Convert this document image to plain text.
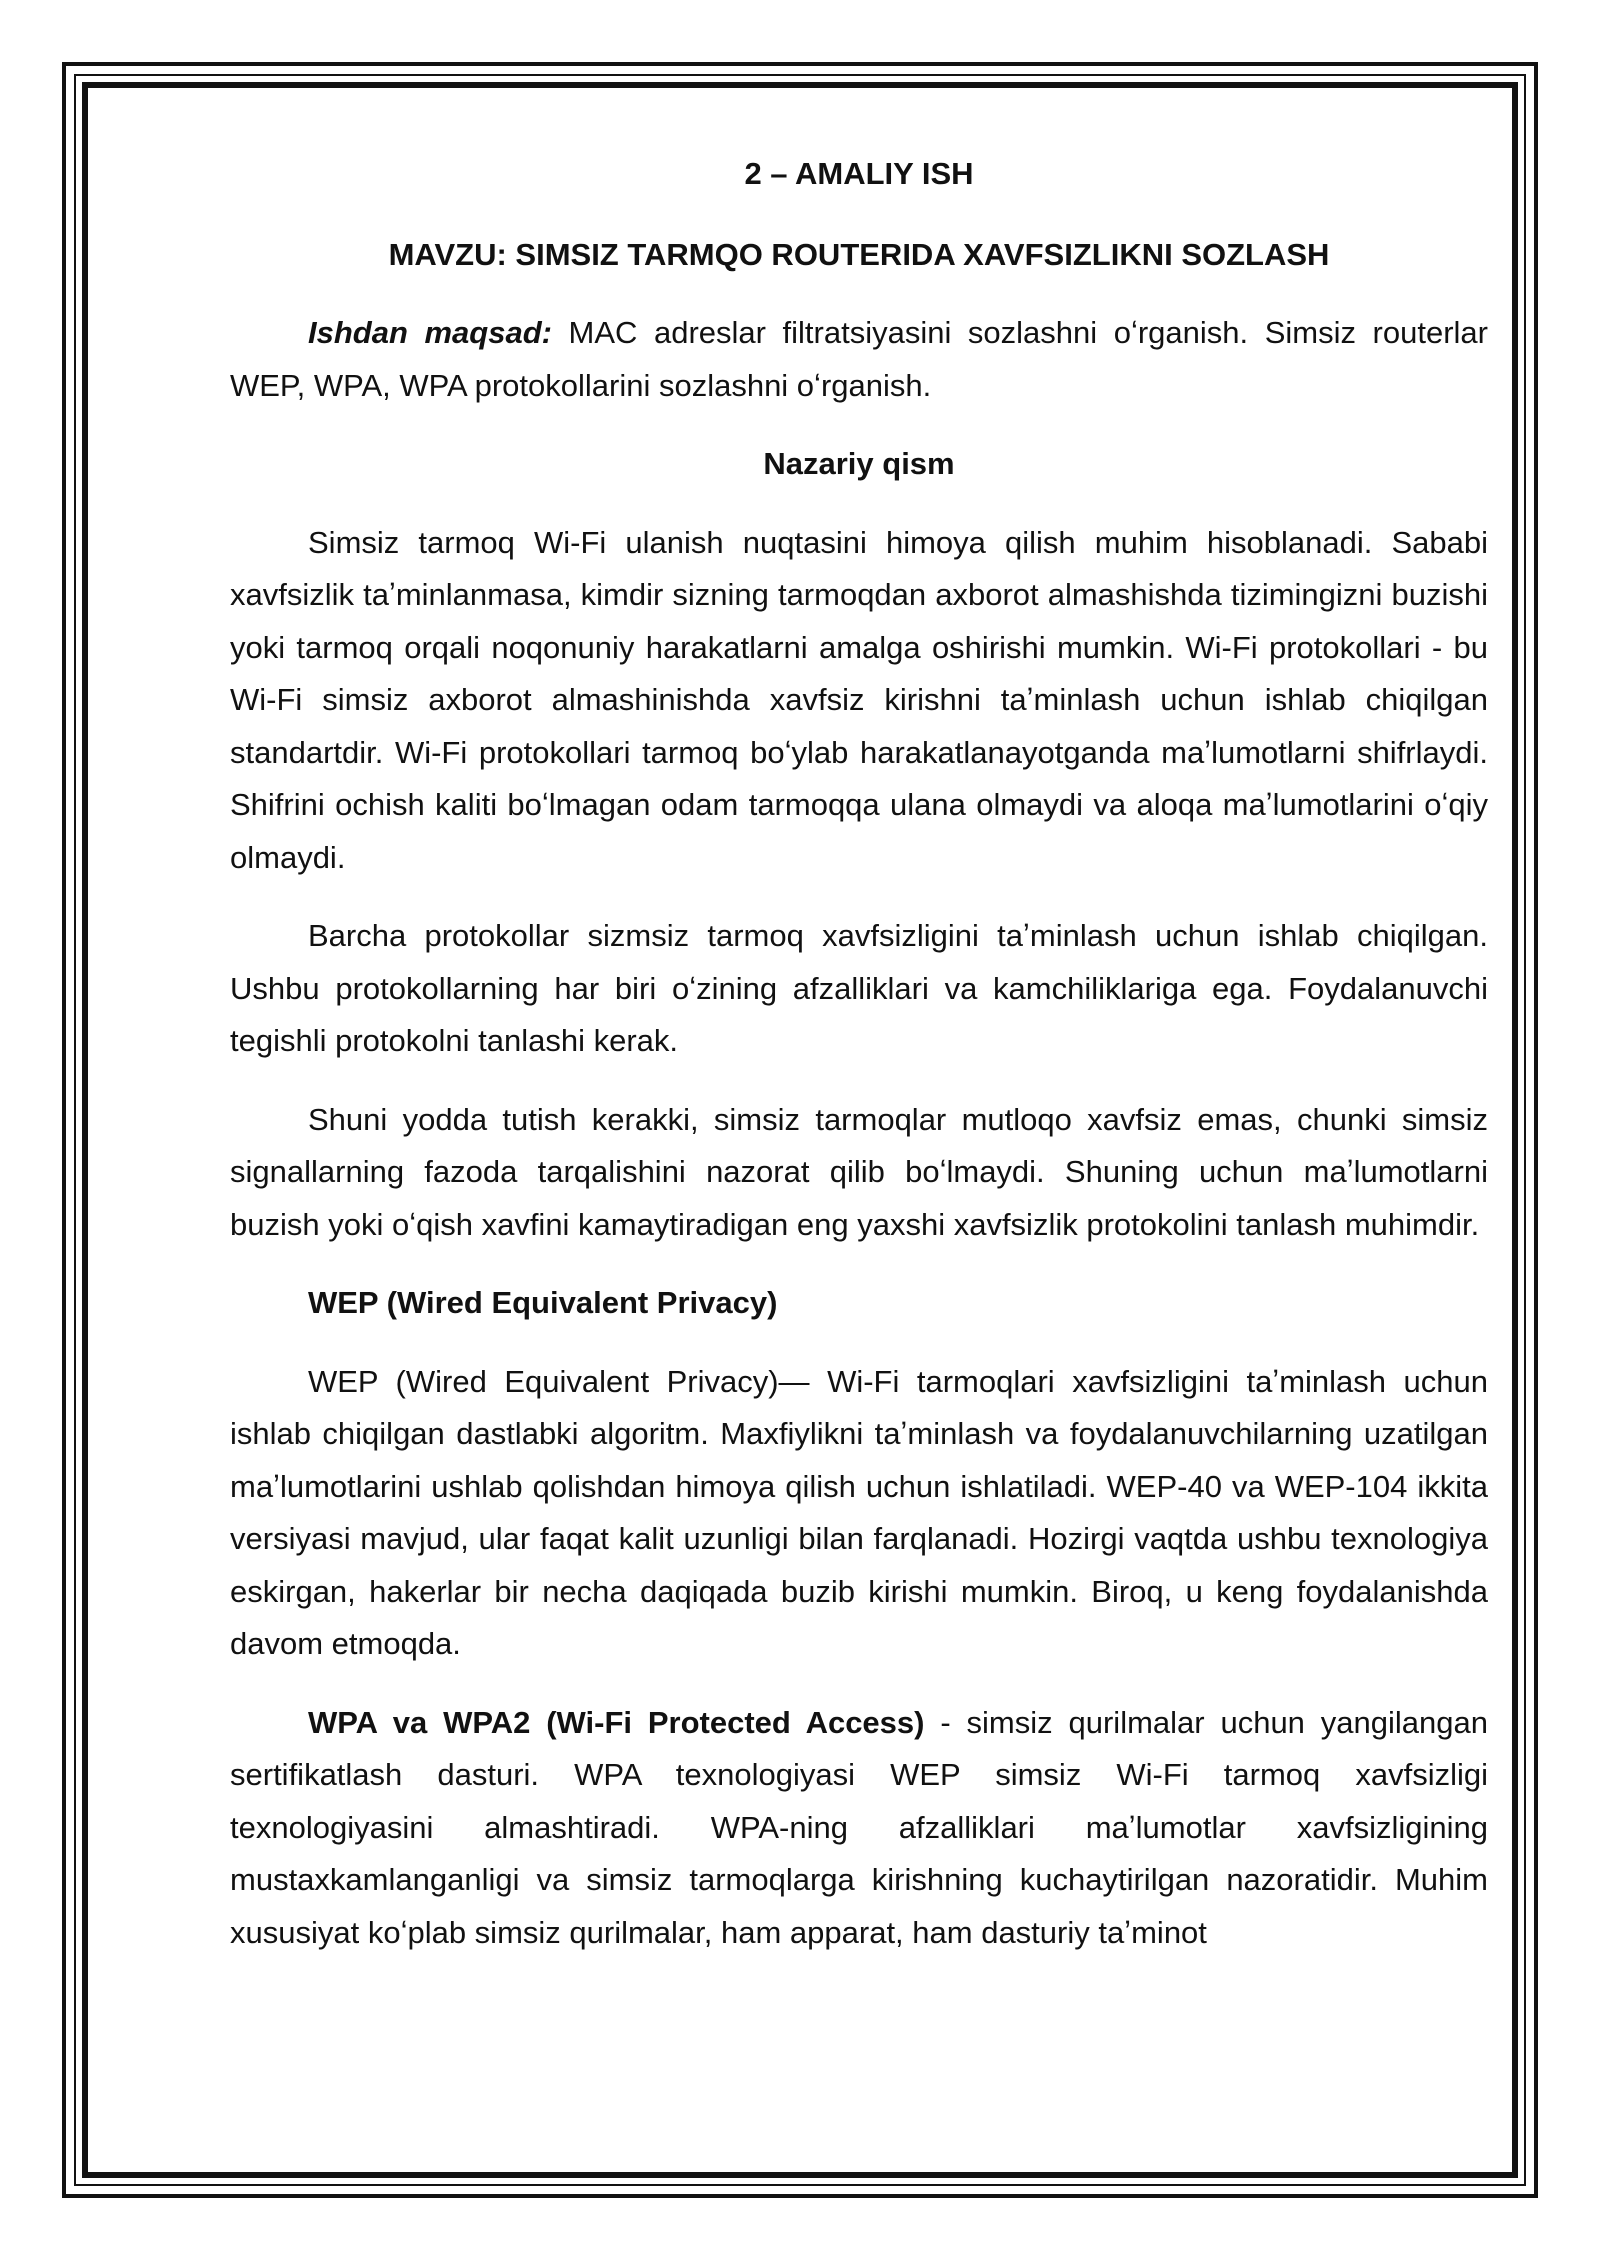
2 – AMALIY ISH
MAVZU: SIMSIZ TARMQO ROUTERIDA XAVFSIZLIKNI SOZLASH

Ishdan maqsad: MAC adreslar filtratsiyasini sozlashni oʻrganish. Simsiz routerlar WEP, WPA, WPA protokollarini sozlashni oʻrganish.

Nazariy qism

Simsiz tarmoq Wi-Fi ulanish nuqtasini himoya qilish muhim hisoblanadi. Sababi xavfsizlik taʼminlanmasa, kimdir sizning tarmoqdan axborot almashishda tizimingizni buzishi yoki tarmoq orqali noqonuniy harakatlarni amalga oshirishi mumkin. Wi-Fi protokollari - bu Wi-Fi simsiz axborot almashinishda xavfsiz kirishni taʼminlash uchun ishlab chiqilgan standartdir. Wi-Fi protokollari tarmoq boʻylab harakatlanayotganda maʼlumotlarni shifrlaydi. Shifrini ochish kaliti boʻlmagan odam tarmoqqa ulana olmaydi va aloqa maʼlumotlarini oʻqiy olmaydi.

Barcha protokollar sizmsiz tarmoq xavfsizligini taʼminlash uchun ishlab chiqilgan. Ushbu protokollarning har biri oʻzining afzalliklari va kamchiliklariga ega. Foydalanuvchi tegishli protokolni tanlashi kerak.

Shuni yodda tutish kerakki, simsiz tarmoqlar mutloqo xavfsiz emas, chunki simsiz signallarning fazoda tarqalishini nazorat qilib boʻlmaydi. Shuning uchun maʼlumotlarni buzish yoki oʻqish xavfini kamaytiradigan eng yaxshi xavfsizlik protokolini tanlash muhimdir.

WEP (Wired Equivalent Privacy)

WEP (Wired Equivalent Privacy)— Wi-Fi tarmoqlari xavfsizligini taʼminlash uchun ishlab chiqilgan dastlabki algoritm. Maxfiylikni taʼminlash va foydalanuvchilarning uzatilgan maʼlumotlarini ushlab qolishdan himoya qilish uchun ishlatiladi. WEP-40 va WEP-104 ikkita versiyasi mavjud, ular faqat kalit uzunligi bilan farqlanadi. Hozirgi vaqtda ushbu texnologiya eskirgan, hakerlar bir necha daqiqada buzib kirishi mumkin. Biroq, u keng foydalanishda davom etmoqda.

WPA va WPA2 (Wi-Fi Protected Access) - simsiz qurilmalar uchun yangilangan sertifikatlash dasturi. WPA texnologiyasi WEP simsiz Wi-Fi tarmoq xavfsizligi texnologiyasini almashtiradi. WPA-ning afzalliklari maʼlumotlar xavfsizligining mustaxkamlanganligi va simsiz tarmoqlarga kirishning kuchaytirilgan nazoratidir. Muhim xususiyat koʻplab simsiz qurilmalar, ham apparat, ham dasturiy taʼminot
